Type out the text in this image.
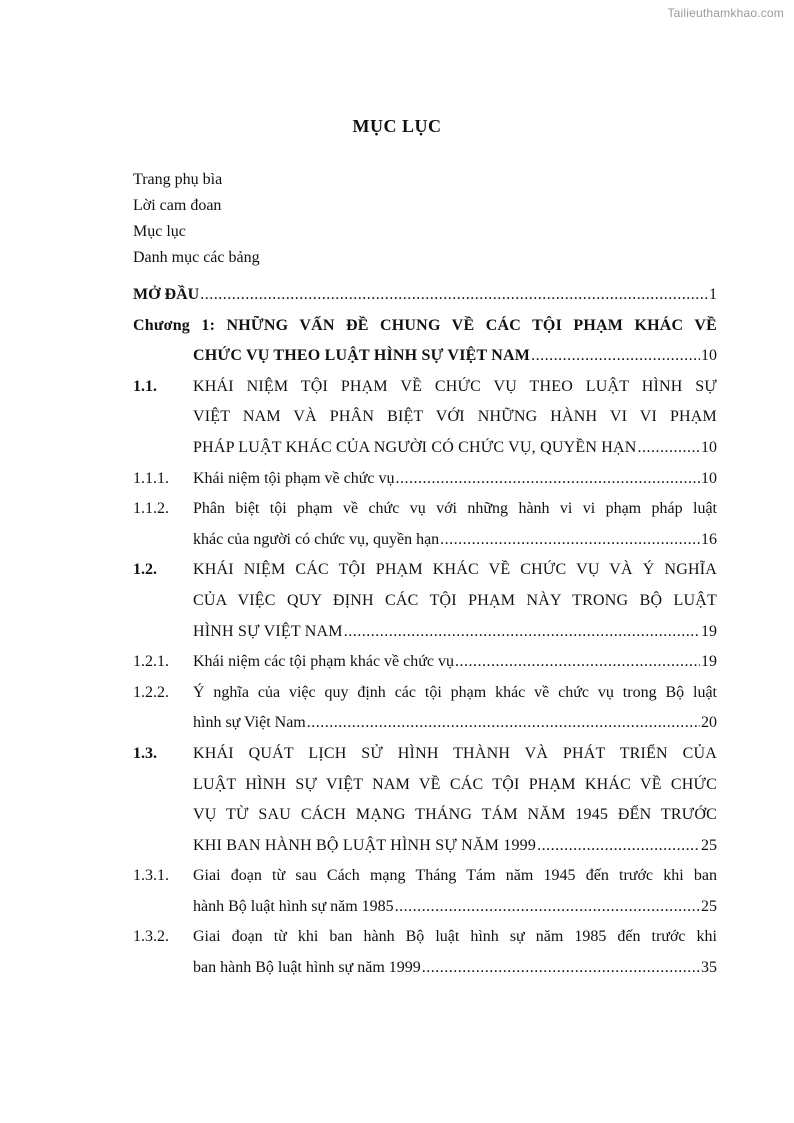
Tailieuthamkhao.com
MỤC LỤC
Trang phụ bìa
Lời cam đoan
Mục lục
Danh mục các bảng
MỞ ĐẦU .....	1
Chương 1: NHỮNG VẤN ĐỀ CHUNG VỀ CÁC TỘI PHẠM KHÁC VỀ
CHỨC VỤ THEO LUẬT HÌNH SỰ VIỆT NAM .....	10
1.1. KHÁI NIỆM TỘI PHẠM VỀ CHỨC VỤ THEO LUẬT HÌNH SỰ
VIỆT NAM VÀ PHÂN BIỆT VỚI NHỮNG HÀNH VI VI PHẠM
PHÁP LUẬT KHÁC CỦA NGƯỜI CÓ CHỨC VỤ, QUYỀN HẠN .....	10
1.1.1. Khái niệm tội phạm về chức vụ .....	10
1.1.2. Phân biệt tội phạm về chức vụ với những hành vi vi phạm pháp luật
khác của người có chức vụ, quyền hạn .....	16
1.2. KHÁI NIỆM CÁC TỘI PHẠM KHÁC VỀ CHỨC VỤ VÀ Ý NGHĨA
CỦA VIỆC QUY ĐỊNH CÁC TỘI PHẠM NÀY TRONG BỘ LUẬT
HÌNH SỰ VIỆT NAM .....	19
1.2.1. Khái niệm các tội phạm khác về chức vụ .....	19
1.2.2. Ý nghĩa của việc quy định các tội phạm khác về chức vụ trong Bộ luật
hình sự Việt Nam .....	20
1.3. KHÁI QUÁT LỊCH SỬ HÌNH THÀNH VÀ PHÁT TRIỂN CỦA
LUẬT HÌNH SỰ VIỆT NAM VỀ CÁC TỘI PHẠM KHÁC VỀ CHỨC
VỤ TỪ SAU CÁCH MẠNG THÁNG TÁM NĂM 1945 ĐẾN TRƯỚC
KHI BAN HÀNH BỘ LUẬT HÌNH SỰ NĂM 1999 .....	25
1.3.1. Giai đoạn từ sau Cách mạng Tháng Tám năm 1945 đến trước khi ban
hành Bộ luật hình sự năm 1985 .....	25
1.3.2. Giai đoạn từ khi ban hành Bộ luật hình sự năm 1985 đến trước khi
ban hành Bộ luật hình sự năm 1999 .....	35
